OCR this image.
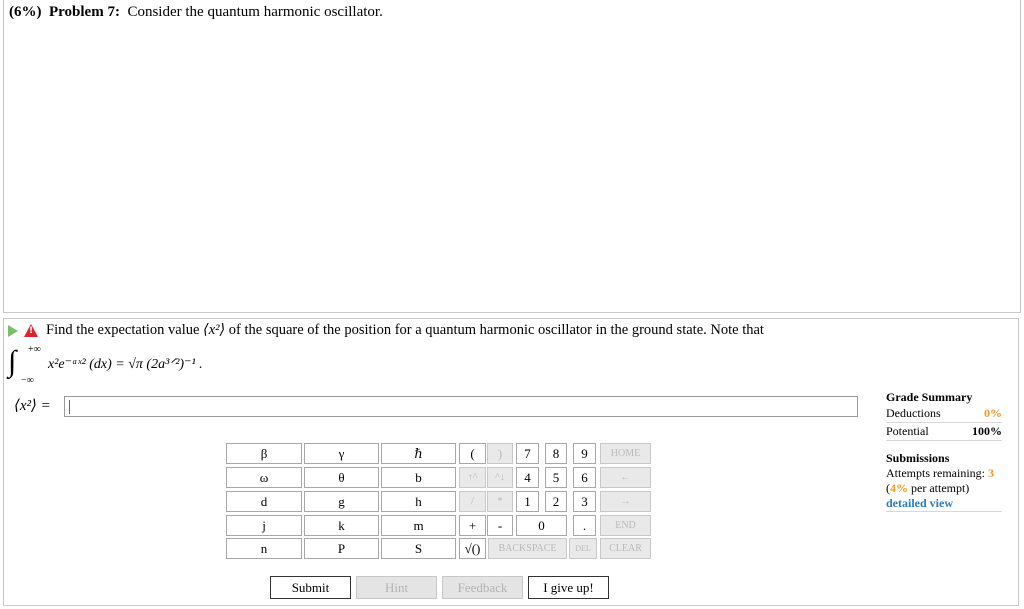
(6%) Problem 7: Consider the quantum harmonic oscillator.
! Find the expectation value
⟨x²⟩
of the square of the position for a quantum harmonic oscillator in the ground state. Note that
∫ +∞
−∞
x²e⁻ᵃˣ² (dx) = √π (2a³ᐟ²)⁻¹ .
⟨x²⟩ =
Grade Summary
Deductions	0%
Potential	100%
Submissions
Attempts remaining: 3
(4% per attempt)
detailed view
β	γ	ℏ
ω	θ	b
d	g	h
j	k	m
n	P	S
(	)
↑^	^↓
/	*
+	-
√()
7	8	9
4	5	6
1	2	3
0	.
HOME
←
→
END
BACKSPACE	DEL	CLEAR
Submit	Hint	Feedback	I give up!
